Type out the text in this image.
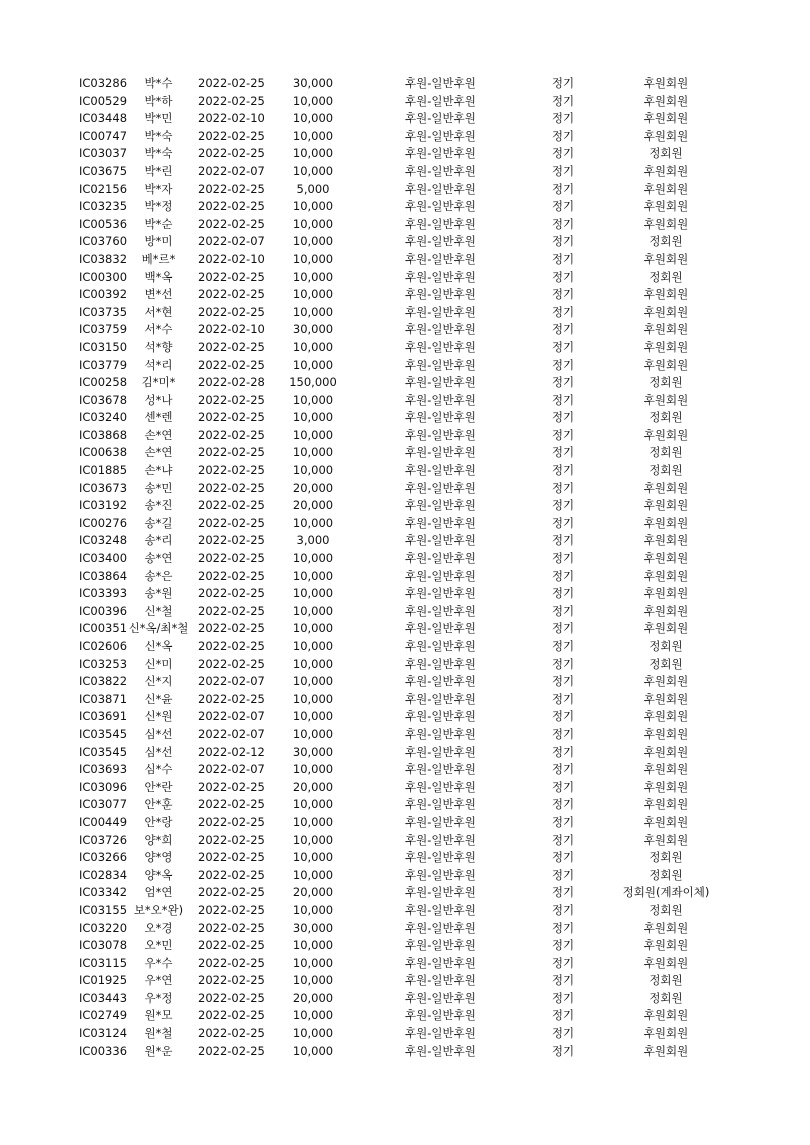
IC03286	박*수	2022-02-25	30,000	후원-일반후원	정기	후원회원
IC00529	박*하	2022-02-25	10,000	후원-일반후원	정기	후원회원
IC03448	박*민	2022-02-10	10,000	후원-일반후원	정기	후원회원
IC00747	박*숙	2022-02-25	10,000	후원-일반후원	정기	후원회원
IC03037	박*숙	2022-02-25	10,000	후원-일반후원	정기	정회원
IC03675	박*린	2022-02-07	10,000	후원-일반후원	정기	후원회원
IC02156	박*자	2022-02-25	5,000	후원-일반후원	정기	후원회원
IC03235	박*정	2022-02-25	10,000	후원-일반후원	정기	후원회원
IC00536	박*순	2022-02-25	10,000	후원-일반후원	정기	후원회원
IC03760	방*미	2022-02-07	10,000	후원-일반후원	정기	정회원
IC03832	베*르*	2022-02-10	10,000	후원-일반후원	정기	후원회원
IC00300	백*옥	2022-02-25	10,000	후원-일반후원	정기	정회원
IC00392	변*선	2022-02-25	10,000	후원-일반후원	정기	후원회원
IC03735	서*현	2022-02-25	10,000	후원-일반후원	정기	후원회원
IC03759	서*수	2022-02-10	30,000	후원-일반후원	정기	후원회원
IC03150	석*향	2022-02-25	10,000	후원-일반후원	정기	후원회원
IC03779	석*리	2022-02-25	10,000	후원-일반후원	정기	후원회원
IC00258	김*미*	2022-02-28	150,000	후원-일반후원	정기	정회원
IC03678	성*나	2022-02-25	10,000	후원-일반후원	정기	후원회원
IC03240	센*렌	2022-02-25	10,000	후원-일반후원	정기	정회원
IC03868	손*연	2022-02-25	10,000	후원-일반후원	정기	후원회원
IC00638	손*연	2022-02-25	10,000	후원-일반후원	정기	정회원
IC01885	손*냐	2022-02-25	10,000	후원-일반후원	정기	정회원
IC03673	송*민	2022-02-25	20,000	후원-일반후원	정기	후원회원
IC03192	송*진	2022-02-25	20,000	후원-일반후원	정기	후원회원
IC00276	송*길	2022-02-25	10,000	후원-일반후원	정기	후원회원
IC03248	송*리	2022-02-25	3,000	후원-일반후원	정기	후원회원
IC03400	송*연	2022-02-25	10,000	후원-일반후원	정기	후원회원
IC03864	송*은	2022-02-25	10,000	후원-일반후원	정기	후원회원
IC03393	송*원	2022-02-25	10,000	후원-일반후원	정기	후원회원
IC00396	신*철	2022-02-25	10,000	후원-일반후원	정기	후원회원
IC00351 신*옥/최*철 2022-02-25	10,000	후원-일반후원	정기	후원회원
IC02606	신*옥	2022-02-25	10,000	후원-일반후원	정기	정회원
IC03253	신*미	2022-02-25	10,000	후원-일반후원	정기	정회원
IC03822	신*지	2022-02-07	10,000	후원-일반후원	정기	후원회원
IC03871	신*윤	2022-02-25	10,000	후원-일반후원	정기	후원회원
IC03691	신*원	2022-02-07	10,000	후원-일반후원	정기	후원회원
IC03545	심*선	2022-02-07	10,000	후원-일반후원	정기	후원회원
IC03545	심*선	2022-02-12	30,000	후원-일반후원	정기	후원회원
IC03693	심*수	2022-02-07	10,000	후원-일반후원	정기	후원회원
IC03096	안*란	2022-02-25	20,000	후원-일반후원	정기	후원회원
IC03077	안*훈	2022-02-25	10,000	후원-일반후원	정기	후원회원
IC00449	안*랑	2022-02-25	10,000	후원-일반후원	정기	후원회원
IC03726	양*희	2022-02-25	10,000	후원-일반후원	정기	후원회원
IC03266	양*영	2022-02-25	10,000	후원-일반후원	정기	정회원
IC02834	양*옥	2022-02-25	10,000	후원-일반후원	정기	정회원
IC03342	엄*연	2022-02-25	20,000	후원-일반후원	정기	정회원(계좌이체)
IC03155 보*오*완)	2022-02-25	10,000	후원-일반후원	정기	정회원
IC03220	오*경	2022-02-25	30,000	후원-일반후원	정기	후원회원
IC03078	오*민	2022-02-25	10,000	후원-일반후원	정기	후원회원
IC03115	우*수	2022-02-25	10,000	후원-일반후원	정기	후원회원
IC01925	우*연	2022-02-25	10,000	후원-일반후원	정기	정회원
IC03443	우*정	2022-02-25	20,000	후원-일반후원	정기	정회원
IC02749	원*모	2022-02-25	10,000	후원-일반후원	정기	후원회원
IC03124	원*철	2022-02-25	10,000	후원-일반후원	정기	후원회원
IC00336	원*운	2022-02-25	10,000	후원-일반후원	정기	후원회원
